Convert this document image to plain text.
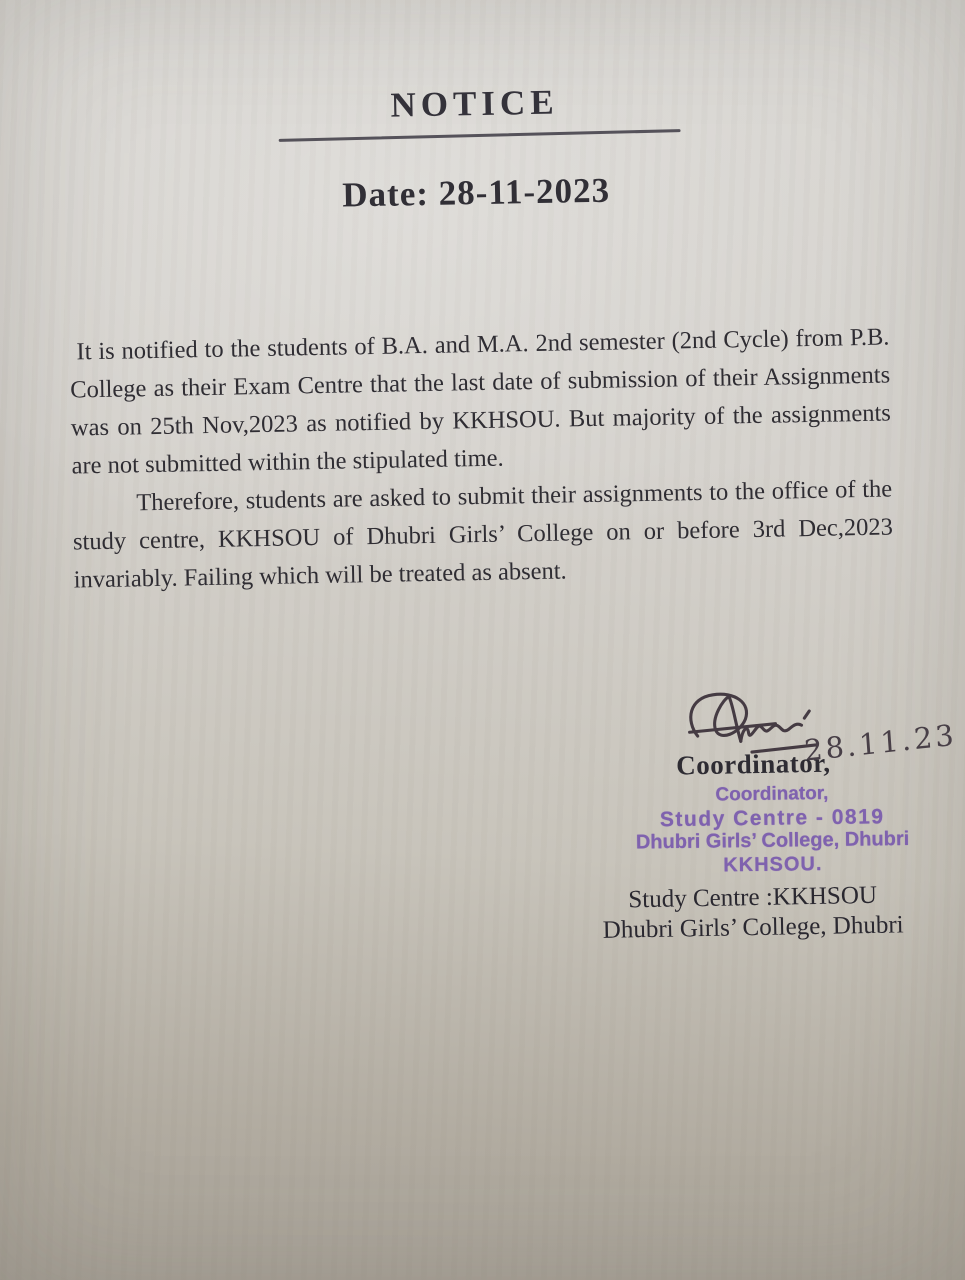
NOTICE
Date: 28-11-2023

It is notified to the students of B.A. and M.A. 2nd semester (2nd Cycle) from P.B. College as their Exam Centre that the last date of submission of their Assignments was on 25th Nov,2023 as notified by KKHSOU. But majority of the assignments are not submitted within the stipulated time.

Therefore, students are asked to submit their assignments to the office of the study centre, KKHSOU of Dhubri Girls’ College on or before 3rd Dec,2023 invariably. Failing which will be treated as absent.

28.11.23
Coordinator,
Coordinator,
Study Centre - 0819
Dhubri Girls’ College, Dhubri
KKHSOU.
Study Centre :KKHSOU
Dhubri Girls’ College, Dhubri
